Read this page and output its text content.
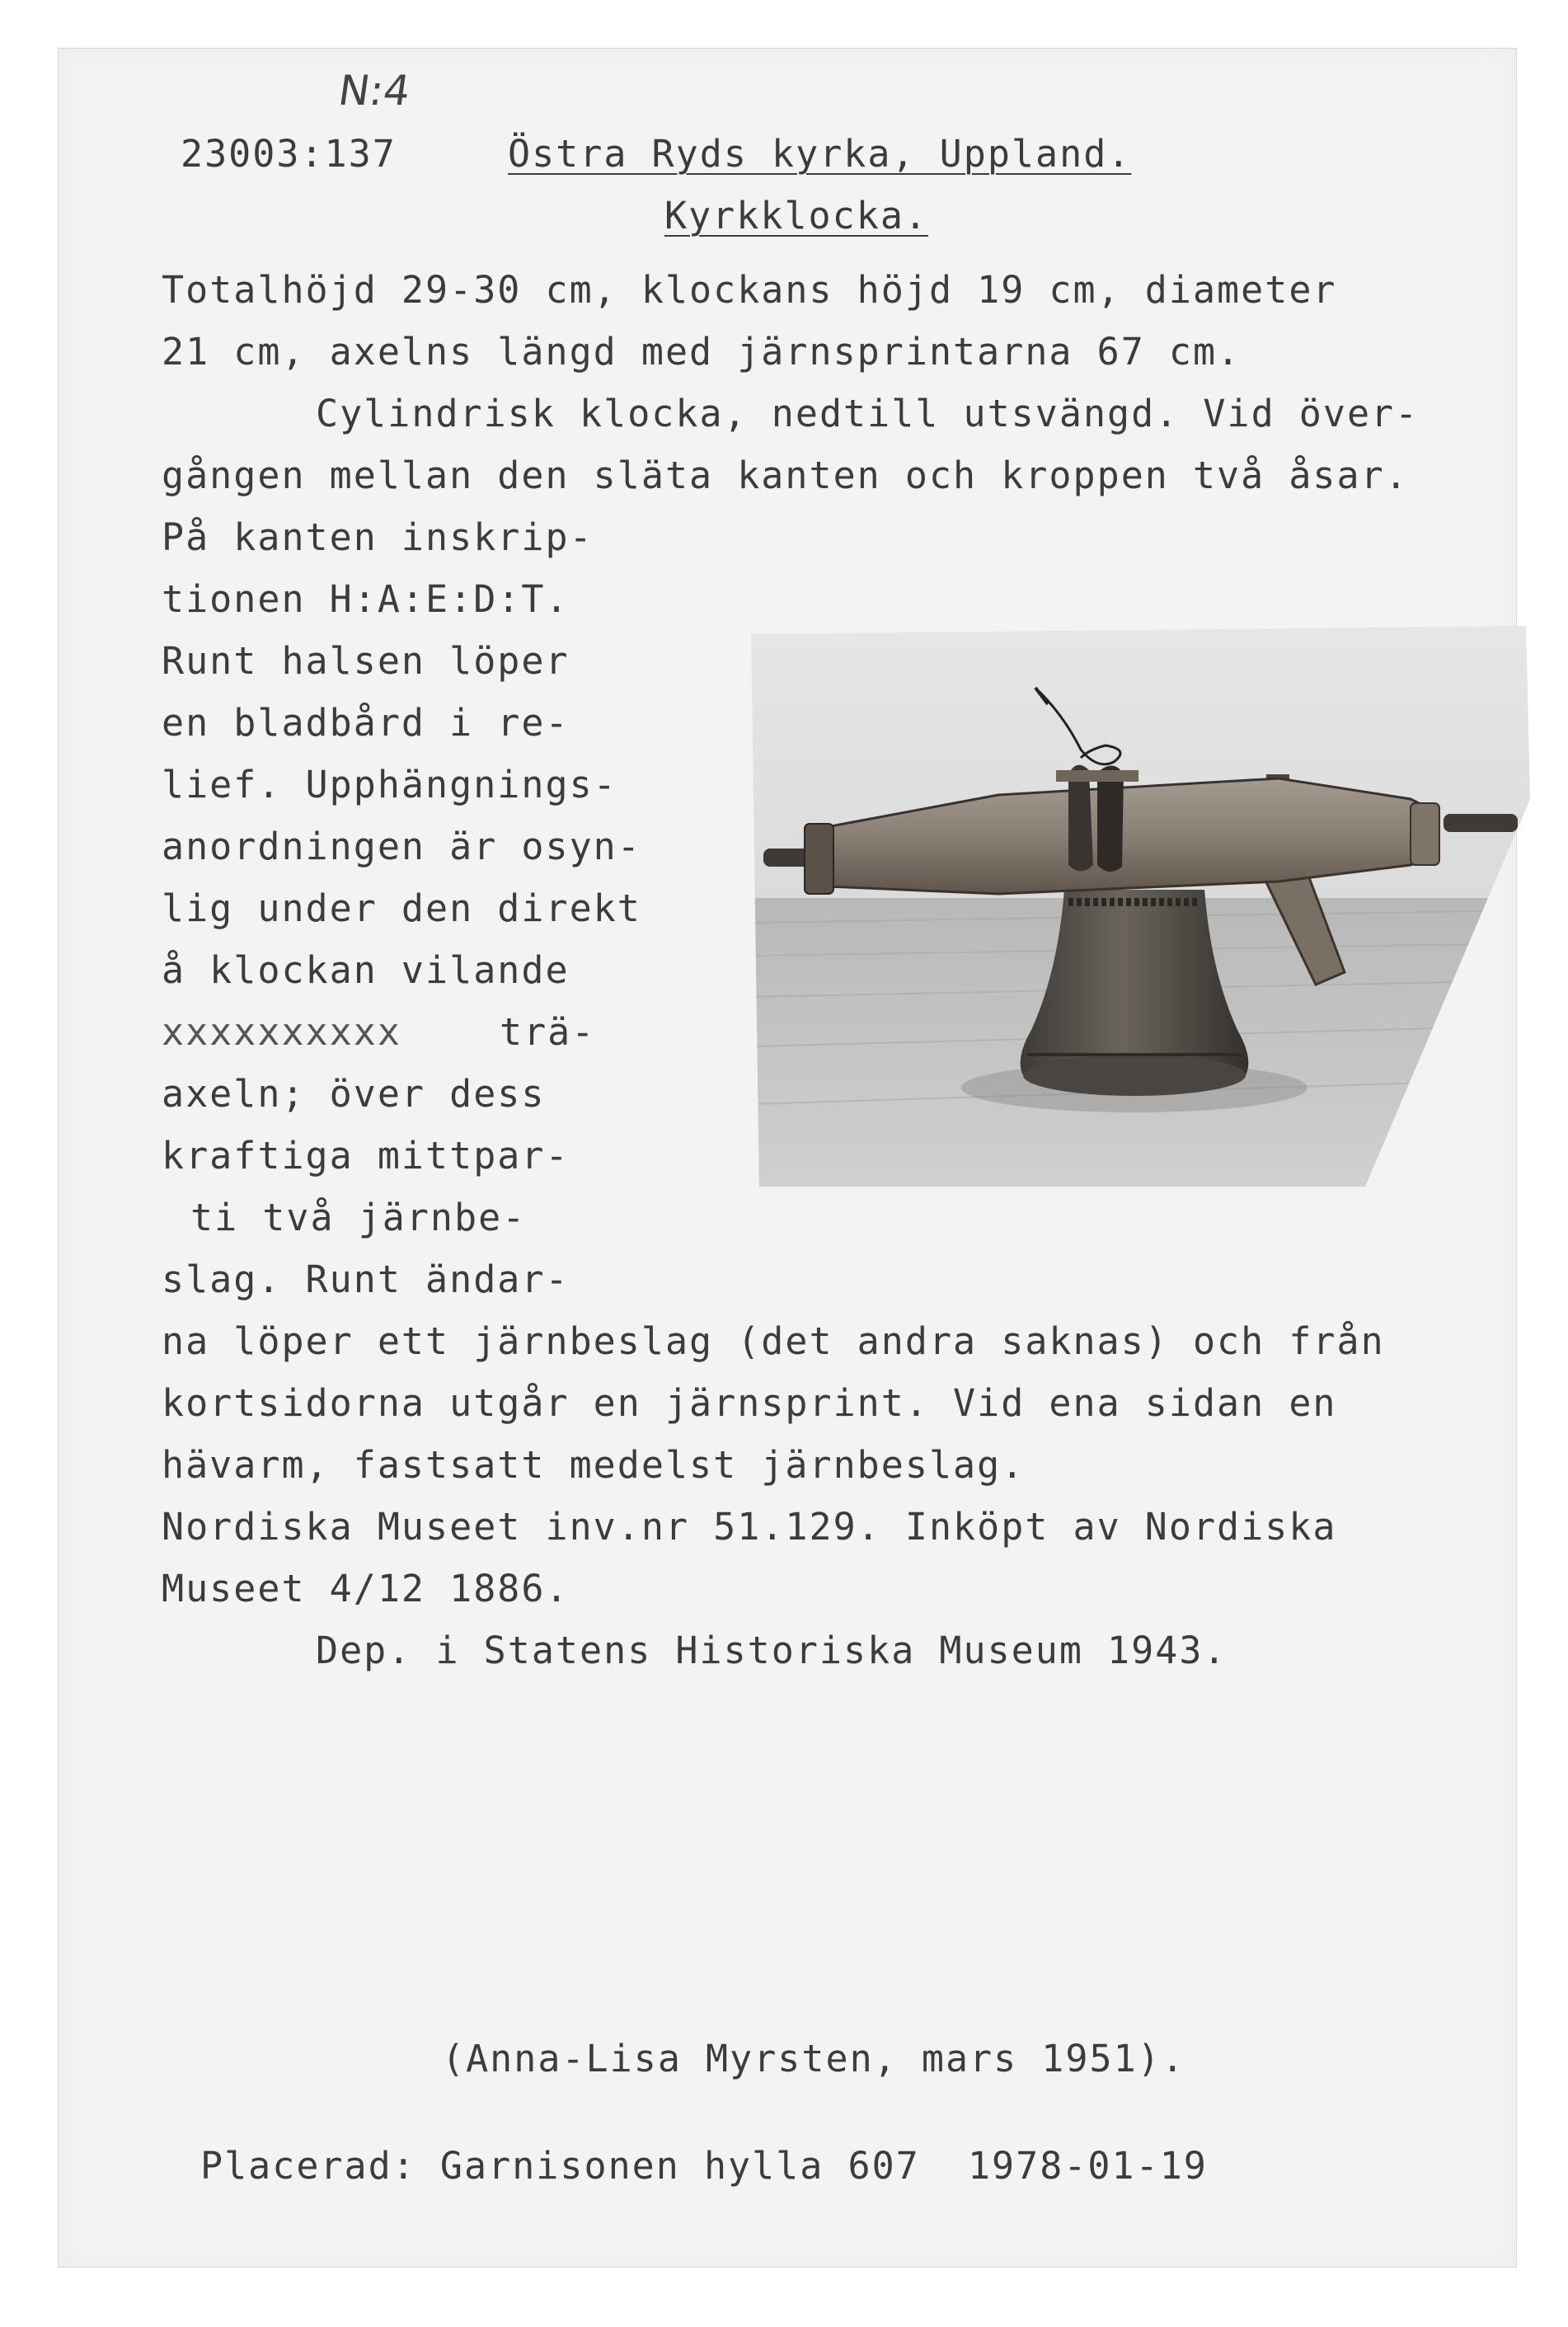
N:4
23003:137	Östra Ryds kyrka, Uppland.
Kyrkklocka.
Totalhöjd 29-30 cm, klockans höjd 19 cm, diameter
21 cm, axelns längd med järnsprintarna 67 cm.
Cylindrisk klocka, nedtill utsvängd. Vid över-
gången mellan den släta kanten och kroppen två åsar.
På kanten inskrip-
tionen H:A:E:D:T.
Runt halsen löper
en bladbård i re-
lief. Upphängnings-
anordningen är osyn-
lig under den direkt
å klockan vilande
xxxxxxxxxx	trä-
axeln; över dess
kraftiga mittpar-
ti två järnbe-
slag. Runt ändar-
na löper ett järnbeslag (det andra saknas) och från
kortsidorna utgår en järnsprint. Vid ena sidan en
hävarm, fastsatt medelst järnbeslag.
Nordiska Museet inv.nr 51.129. Inköpt av Nordiska
Museet 4/12 1886.
Dep. i Statens Historiska Museum 1943.
(Anna-Lisa Myrsten, mars 1951).
Placerad: Garnisonen hylla 607  1978-01-19
